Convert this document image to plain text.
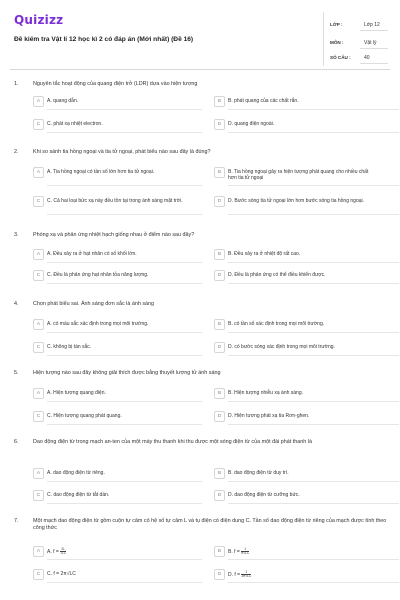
Quizizz
Đề kiểm tra Vật lí 12 học kì 2 có đáp án (Mới nhất) (Đề 16)
LỚP :	Lớp 12
MÔN :	Vật lý
SỐ CÂU :	40
1.	Nguyên tắc hoạt động của quang điện trở (LDR) dựa vào hiện tượng
A	A. quang dẫn.	B	B. phát quang của các chất rắn.
C	C. phát xạ nhiệt electron.	D	D. quang điện ngoài.
2.	Khi so sánh tia hồng ngoại và tia tử ngoại, phát biểu nào sau đây là đúng?
A	A. Tia hồng ngoại có tần số lớn hơn tia tử ngoại.	B	B. Tia hồng ngoại gây ra hiện tượng phát quang cho nhiều chất hơn tia tử ngoại
C	C. Cả hai loại bức xạ này đều tồn tại trong ánh sáng mặt trời.	D	D. Bước sóng tia tử ngoại lớn hơn bước sóng tia hồng ngoại.
3.	Phóng xạ và phản ứng nhiệt hạch giống nhau ở điểm nào sau đây?
A	A. Đều xảy ra ở hạt nhân có số khối lớn.	B	B. Đều xảy ra ở nhiệt độ rất cao.
C	C. Đều là phản ứng hạt nhân tỏa năng lượng.	D	D. Đều là phản ứng có thể điều khiển được.
4.	Chọn phát biểu sai. Ánh sáng đơn sắc là ánh sáng
A	A. có màu sắc xác định trong mọi môi trường.	B	B. có tần số xác định trong mọi môi trường.
C	C. không bị tán sắc.	D	D. có bước sóng xác định trong mọi môi trường.
5.	Hiện tượng nào sau đây không giải thích được bằng thuyết lượng tử ánh sáng
A	A. Hiện tượng quang điện.	B	B. Hiện tượng nhiễu xạ ánh sáng.
C	C. Hiện tượng quang phát quang.	D	D. Hiện tượng phát xạ tia Rơn-ghen.
6.	Dao động điện từ trong mạch an-ten của một máy thu thanh khi thu được một sóng điện từ của một đài phát thanh là
A	A. dao động điện từ riêng.	B	B. dao động điện từ duy trì.
C	C. dao động điện từ tắt dần.	D	D. dao động điện từ cưỡng bức.
7.	Một mạch dao động điện từ gồm cuộn tự cảm có hệ số tự cảm L và tụ điện có điện dung C. Tần số dao động điện từ riêng của mạch được tính theo công thức
A	A. $f = \frac{2L}{√LC}$	B	B. $f = \frac{1}{\pi√LC}$
C	C. f = 2π√LC	D	D. $f = \frac{1}{2\pi√LC}$
